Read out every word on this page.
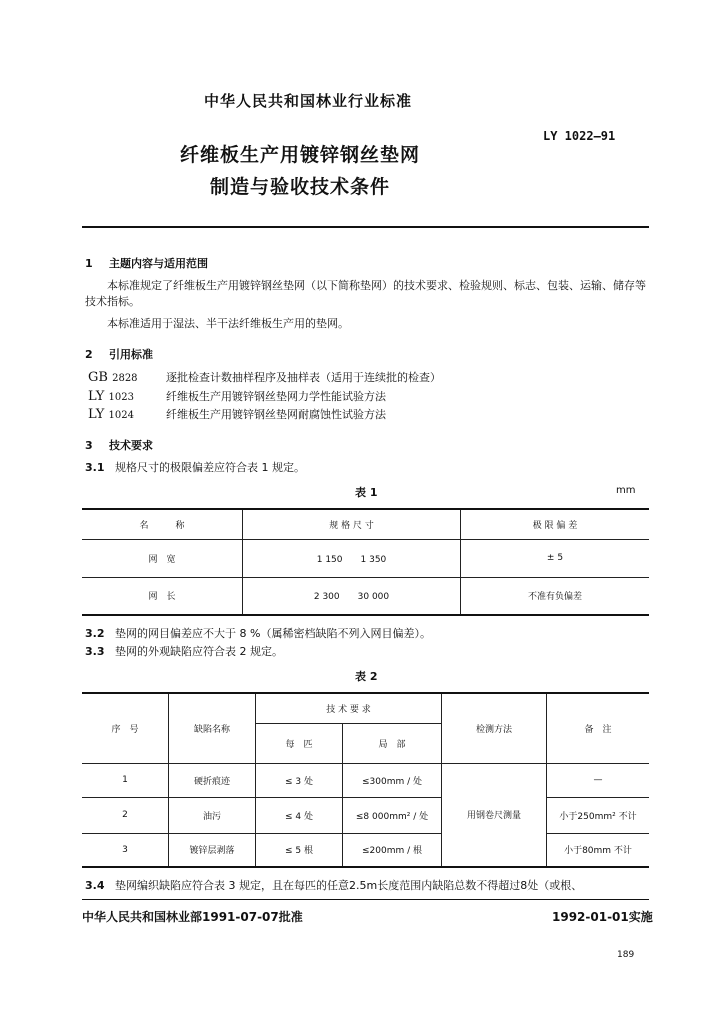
中华人民共和国林业行业标准
LY 1022—91
纤维板生产用镀锌钢丝垫网
制造与验收技术条件
1 主题内容与适用范围
本标准规定了纤维板生产用镀锌钢丝垫网（以下简称垫网）的技术要求、检验规则、标志、包装、运输、储存等技术指标。
本标准适用于湿法、半干法纤维板生产用的垫网。
2 引用标准
GB 2828	逐批检查计数抽样程序及抽样表（适用于连续批的检查）
LY 1023	纤维板生产用镀锌钢丝垫网力学性能试验方法
LY 1024	纤维板生产用镀锌钢丝垫网耐腐蚀性试验方法
3 技术要求
3.1 规格尺寸的极限偏差应符合表 1 规定。
表 1	mm
名　　　称	规 格 尺 寸	极 限 偏 差
网　宽	1 150　　1 350	± 5
网　长	2 300　　30 000	不准有负偏差
3.2 垫网的网目偏差应不大于 8 %（属稀密档缺陷不列入网目偏差）。
3.3 垫网的外观缺陷应符合表 2 规定。
表 2
序　号	缺陷名称	技 术 要 求		检测方法	备　注
		每　匹	局　部		
1	硬折痕迹	≤ 3 处	≤300mm / 处	用钢卷尺测量	—
2	油污	≤ 4 处	≤8 000mm² / 处		小于250mm² 不计
3	镀锌层剥落	≤ 5 根	≤200mm / 根		小于80mm 不计
3.4 垫网编织缺陷应符合表 3 规定，且在每匹的任意2.5m长度范围内缺陷总数不得超过8处（或根、
中华人民共和国林业部1991-07-07批准	1992-01-01实施
189
